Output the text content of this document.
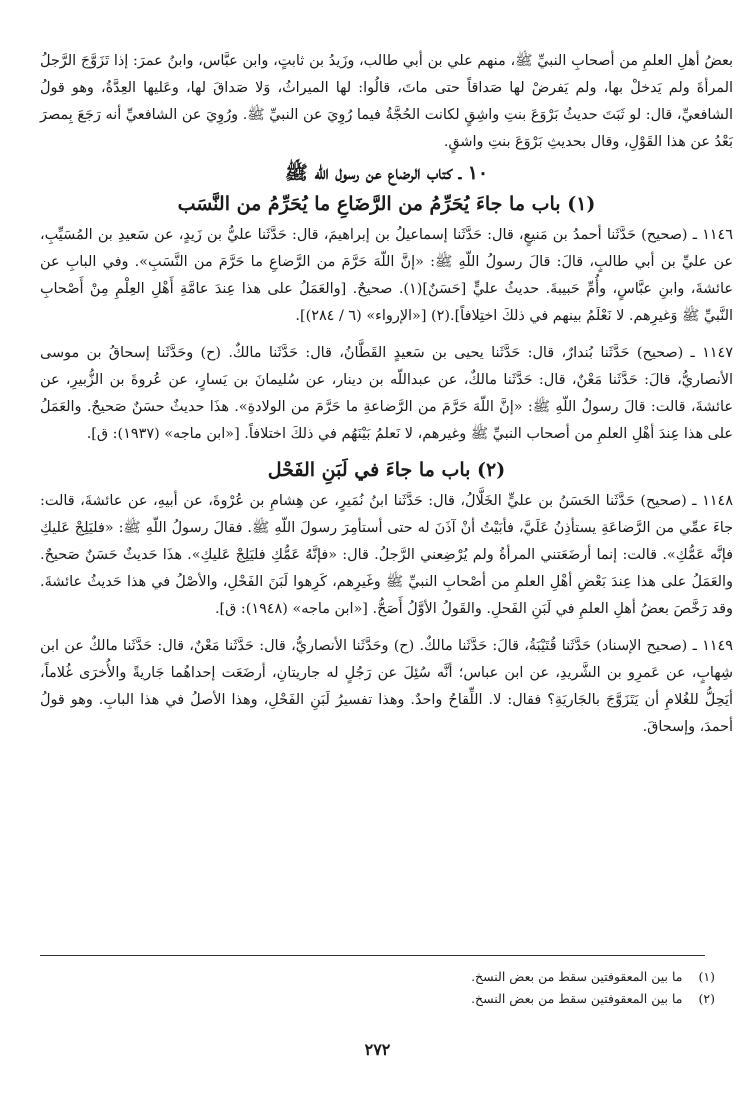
بعضُ أهلِ العلمِ من أصحابِ النبيِّ ﷺ، منهم علي بن أبي طالب، وزَيدُ بن ثابتٍ، وابن عبَّاس، وابنُ عمرَ: إذا تَزَوَّجَ الرَّجلُ المرأةَ ولم يَدخلْ بها، ولم يَفرضْ لها صَداقاً حتى ماتَ، قالُوا: لها الميراثُ، وَلا صَداقَ لها، وعَليها العِدَّةُ، وهو قولُ الشافعيِّ، قال: لو ثَبَتَ حديثُ بَرْوَعَ بنتِ واشِقٍ لكانت الحُجَّةُ فيما رُوِيَ عن النبيِّ ﷺ. ورُوِيَ عن الشافعيِّ أنه رَجَعَ بِمصرَ بَعْدُ عن هذا القَوْلِ، وقال بحديثِ بَرْوَعَ بنتِ واشقٍ.

١٠ ـ كتاب الرضاع عن رسول الله ﷺ
(١) باب ما جاءَ يُحَرِّمُ من الرَّضَاعِ ما يُحَرِّمُ من النَّسَب

١١٤٦ ـ (صحيح) حَدَّثَنا أحمدُ بن مَنيعٍ، قال: حَدَّثَنا إسماعيلُ بن إبراهيمَ، قال: حَدَّثَنا عليُّ بن زَيدٍ، عن سَعيدِ بن المُسَيِّبِ، عن عليِّ بن أبي طالبٍ، قالَ: قالَ رسولُ اللّهِ ﷺ: «إنَّ اللّهَ حَرَّمَ من الرَّضاعِ ما حَرَّمَ من النَّسَبِ». وفي البابِ عن عائشةَ، وابنِ عبَّاسٍ، وأُمِّ حَبيبةَ. حديثُ عليٍّ [حَسَنٌ](١). صحيحٌ. [والعَمَلُ على هذا عِندَ عامَّةِ أَهْلِ العِلْمِ مِنْ أَصْحابِ النَّبيِّ ﷺ وَغيرِهم. لا نَعْلَمُ بينهم في ذلكَ اختِلافاً].(٢) [«الإرواء» (٦ / ٢٨٤)].

١١٤٧ ـ (صحيح) حَدَّثَنا بُندارٌ، قال: حَدَّثَنا يحيى بن سَعيدٍ القَطَّانُ، قال: حَدَّثَنا مالكٌ. (ح) وحَدَّثَنا إسحاقُ بن موسى الأنصاريُّ، قالَ: حَدَّثَنا مَعْنٌ، قال: حَدَّثَنا مالكٌ، عن عبداللّه بن دينار، عن سُليمانَ بن يَسارٍ، عن عُروةَ بن الزُّبيرِ، عن عائشةَ، قالت: قالَ رسولُ اللّهِ ﷺ: «إنَّ اللّهَ حَرَّمَ من الرَّضاعةِ ما حَرَّمَ من الولادةِ». هذَا حديثٌ حسَنٌ صَحيحٌ. والعَمَلُ على هذا عِندَ أهْلِ العلمِ من أصحاب النبيِّ ﷺ وغيرهم، لا نَعلمُ بَيْنَهُم في ذلكَ اختلافاً. [«ابن ماجه» (١٩٣٧): ق].

(٢) باب ما جاءَ في لَبَنِ الفَحْل

١١٤٨ ـ (صحيح) حَدَّثَنا الحَسَنُ بن عليٍّ الخَلَّالُ، قال: حَدَّثَنا ابنُ نُمَيرٍ، عن هِشامِ بن عُرْوةَ، عن أبيهِ، عن عائشةَ، قالت: جاءَ عمِّي من الرَّضاعَةِ يستأذِنُ عَلَيَّ، فأبَيْتُ أنْ آذَنَ له حتى أستأمِرَ رسولَ اللّهِ ﷺ. فقالَ رسولُ اللّهِ ﷺ: «فليَلِجْ عَليكِ فإنَّه عَمُّكِ». قالت: إنما أرضَعَتني المرأةُ ولم يُرْضِعني الرَّجلُ. قال: «فإنَّهُ عَمُّكِ فليَلِجْ عَليكِ». هذَا حَديثٌ حَسَنٌ صَحيحٌ. والعَمَلُ على هذا عِندَ بَعْضِ أهْلِ العلمِ من أصْحابِ النبيِّ ﷺ وغَيرِهم، كَرِهوا لَبَنَ الفَحْلِ، والأصْلُ في هذا حَديثُ عائشةَ. وقد رَخَّصَ بعضُ أهلِ العلمِ في لَبَنِ الفَحلِ. والقَولُ الأوَّلُ أَصَحُّ. [«ابن ماجه» (١٩٤٨): ق].

١١٤٩ ـ (صحيح الإسناد) حَدَّثَنا قُتَيْبَةُ، قالَ: حَدَّثَنا مالكٌ. (ح) وحَدَّثَنا الأنصاريُّ، قال: حَدَّثَنا مَعْنٌ، قال: حَدَّثَنا مالكٌ عن ابن شِهابٍ، عن عَمرِو بن الشَّريدِ، عن ابن عباس؛ أنَّه سُئِلَ عن رَجُلٍ له جاريتانِ، أرضَعَت إحداهُما جَاريةً والأُخرَى غُلاماً، أيَحِلُّ للغُلامِ أن يَتَزَوَّجَ بالجَاريَةِ؟ فقال: لا. اللِّقاحُ واحدٌ. وهذا تفسيرُ لَبَنِ الفَحْلِ، وهذا الأصلُ في هذا البابِ. وهو قولُ أحمدَ، وإسحاقَ.

(١)
ما بين المعقوفتين سقط من بعض النسخ.
(٢)
ما بين المعقوفتين سقط من بعض النسخ.
٢٧٢
